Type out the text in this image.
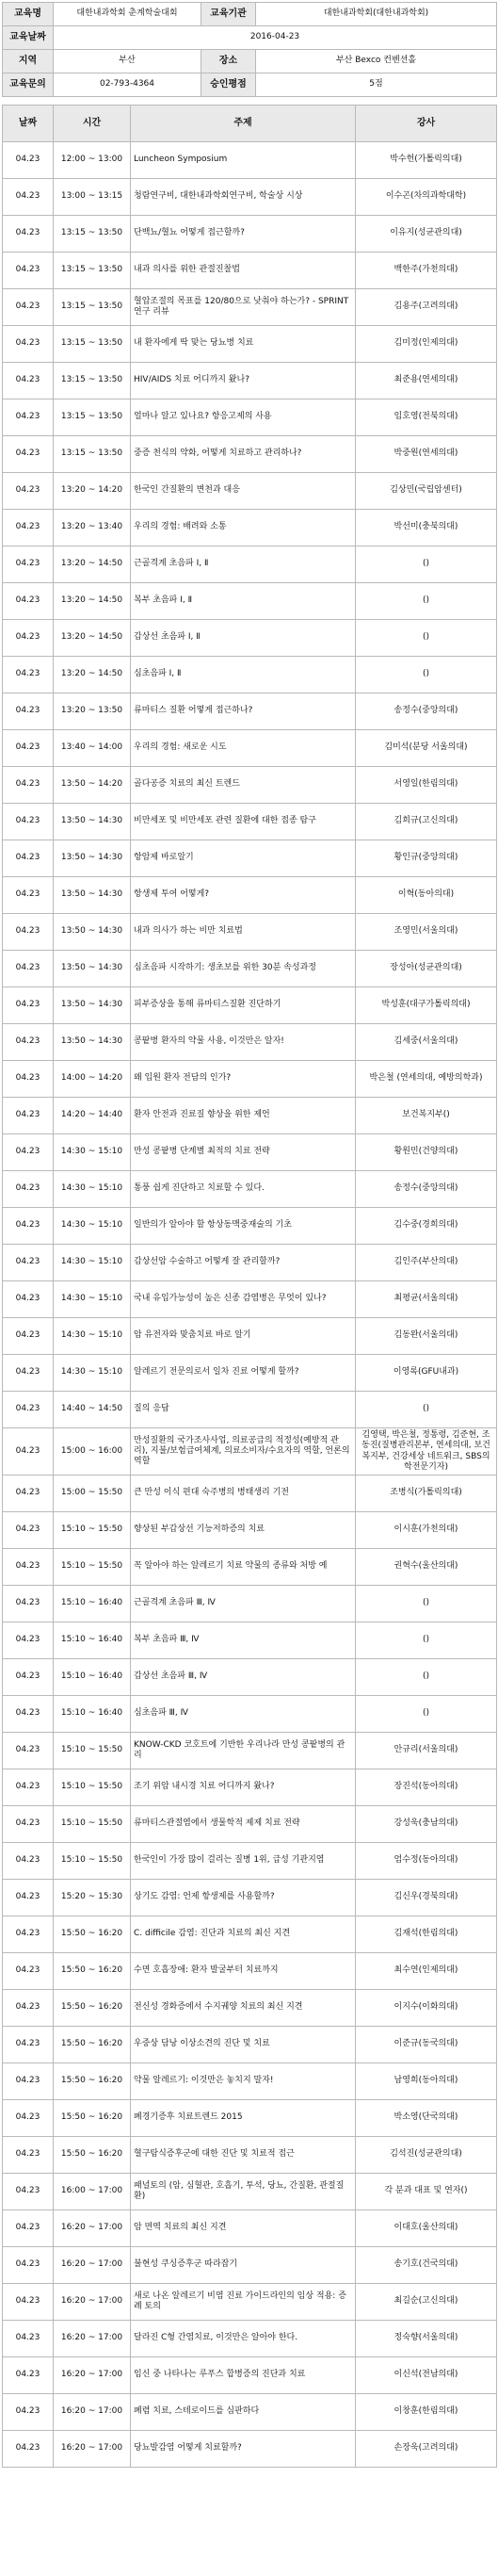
교육명	대한내과학회 춘계학술대회	교육기관	대한내과학회(대한내과학회)
교육날짜	2016-04-23		
지역	부산	장소	부산 Bexco 컨벤션홀
교육문의	02-793-4364	승인평점	5점
날짜	시간	주제	강사
04.23	12:00 ~ 13:00	Luncheon Symposium	박수헌(가톨릭의대)
04.23	13:00 ~ 13:15	청람연구비, 대한내과학회연구비, 학술상 시상	이수곤(차의과학대학)
04.23	13:15 ~ 13:50	단백뇨/혈뇨 어떻게 접근할까?	이유지(성균관의대)
04.23	13:15 ~ 13:50	내과 의사를 위한 관절진찰법	백한주(가천의대)
04.23	13:15 ~ 13:50	혈압조절의 목표를 120/80으로 낮춰야 하는가? - SPRINT 연구 리뷰	김용주(고려의대)
04.23	13:15 ~ 13:50	내 환자에게 딱 맞는 당뇨병 치료	김미정(인제의대)
04.23	13:15 ~ 13:50	HIV/AIDS 치료 어디까지 왔나?	최준용(연세의대)
04.23	13:15 ~ 13:50	얼마나 알고 있나요? 항응고제의 사용	임호영(전북의대)
04.23	13:15 ~ 13:50	중증 천식의 약화, 어떻게 치료하고 관리하나?	박중원(연세의대)
04.23	13:20 ~ 14:20	한국인 간질환의 변천과 대응	김상민(국립암센터)
04.23	13:20 ~ 13:40	우리의 경험: 배려와 소통	박선미(충북의대)
04.23	13:20 ~ 14:50	근골격계 초음파 Ⅰ, Ⅱ	()
04.23	13:20 ~ 14:50	복부 초음파 Ⅰ, Ⅱ	()
04.23	13:20 ~ 14:50	갑상선 초음파 Ⅰ, Ⅱ	()
04.23	13:20 ~ 14:50	심초음파 Ⅰ, Ⅱ	()
04.23	13:20 ~ 13:50	류마티스 질환 어떻게 접근하나?	송정수(중앙의대)
04.23	13:40 ~ 14:00	우리의 경험: 새로운 시도	김미석(분당 서울의대)
04.23	13:50 ~ 14:20	골다공증 치료의 최신 트렌드	서영일(한림의대)
04.23	13:50 ~ 14:30	비만세포 및 비만세포 관련 질환에 대한 접종 탐구	김희규(고신의대)
04.23	13:50 ~ 14:30	항암제 바로알기	황인규(중앙의대)
04.23	13:50 ~ 14:30	항생제 투여 어떻게?	이혁(동아의대)
04.23	13:50 ~ 14:30	내과 의사가 하는 비만 치료법	조영민(서울의대)
04.23	13:50 ~ 14:30	심초음파 시작하기: 생초보를 위한 30분 속성과정	장성아(성균관의대)
04.23	13:50 ~ 14:30	피부증상을 통해 류마티스질환 진단하기	박성훈(대구가톨릭의대)
04.23	13:50 ~ 14:30	콩팥병 환자의 약물 사용, 이것만은 알자!	김세중(서울의대)
04.23	14:00 ~ 14:20	왜 입원 환자 전담의 인가?	박은철 (연세의대, 예방의학과)
04.23	14:20 ~ 14:40	환자 안전과 진료질 향상을 위한 제언	보건복지부()
04.23	14:30 ~ 15:10	만성 콩팥병 단계별 최적의 치료 전략	황원민(건양의대)
04.23	14:30 ~ 15:10	통풍 쉽게 진단하고 치료할 수 있다.	송정수(중앙의대)
04.23	14:30 ~ 15:10	일반의가 알아야 할 항상동맥중재술의 기초	김수중(경희의대)
04.23	14:30 ~ 15:10	갑상선암 수술하고 어떻게 잘 관리할까?	김인주(부산의대)
04.23	14:30 ~ 15:10	국내 유입가능성이 높은 신종 감염병은 무엇이 있나?	최평균(서울의대)
04.23	14:30 ~ 15:10	암 유전자와 맞춤치료 바로 알기	김동완(서울의대)
04.23	14:30 ~ 15:10	알레르기 전문의로서 일차 진료 어떻게 할까?	이영록(GFU내과)
04.23	14:40 ~ 14:50	질의 응답	()
04.23	15:00 ~ 16:00	만성질환의 국가조사사업, 의료공급의 적정성(예방적 관리), 지불/보험급여체계, 의료소비자/수요자의 역할, 언론의 역할	김영택, 박은철, 정통령, 김준현, 조동진(질병관리본부, 연세의대, 보건복지부, 건강세상 네트워크, SBS의학전문기자)
04.23	15:00 ~ 15:50	큰 만성 이식 편대 숙주병의 병태생리 기전	조병식(가톨릭의대)
04.23	15:10 ~ 15:50	향상된 부갑상선 기능저하증의 치료	이시훈(가천의대)
04.23	15:10 ~ 15:50	꼭 알아야 하는 알레르기 치료 약물의 종류와 처방 예	권혁수(울산의대)
04.23	15:10 ~ 16:40	근골격계 초음파 Ⅲ, Ⅳ	()
04.23	15:10 ~ 16:40	복부 초음파 Ⅲ, Ⅳ	()
04.23	15:10 ~ 16:40	갑상선 초음파 Ⅲ, Ⅳ	()
04.23	15:10 ~ 16:40	심초음파 Ⅲ, Ⅳ	()
04.23	15:10 ~ 15:50	KNOW-CKD 코호트에 기반한 우리나라 만성 콩팥병의 관리	안규리(서울의대)
04.23	15:10 ~ 15:50	조기 위암 내시경 치료 어디까지 왔나?	장진석(동아의대)
04.23	15:10 ~ 15:50	류마티스관절염에서 생물학적 제제 치료 전략	강성욱(충남의대)
04.23	15:10 ~ 15:50	한국인이 가장 많이 걸리는 질병 1위, 급성 기관지염	엄수정(동아의대)
04.23	15:20 ~ 15:30	상기도 감염: 언제 항생제를 사용할까?	김신우(경북의대)
04.23	15:50 ~ 16:20	C. difficile 감염: 진단과 치료의 최신 지견	김재석(한림의대)
04.23	15:50 ~ 16:20	수면 호흡장애: 환자 발굴부터 치료까지	최수연(인제의대)
04.23	15:50 ~ 16:20	전신성 경화증에서 수지궤양 치료의 최신 지견	이지수(이화의대)
04.23	15:50 ~ 16:20	우중상 담낭 이상소견의 진단 및 치료	이준규(동국의대)
04.23	15:50 ~ 16:20	약물 알레르기: 이것만은 놓치지 말자!	남영희(동아의대)
04.23	15:50 ~ 16:20	폐경기증후 치료트렌드 2015	박소영(단국의대)
04.23	15:50 ~ 16:20	혈구탐식증후군에 대한 진단 및 치료적 접근	김석진(성균관의대)
04.23	16:00 ~ 17:00	패널토의 (암, 심혈관, 호흡기, 투석, 당뇨, 간질환, 관절질환)	각 분과 대표 및 연자()
04.23	16:20 ~ 17:00	암 면역 치료의 최신 지견	이대호(울산의대)
04.23	16:20 ~ 17:00	불현성 쿠싱증후군 따라잡기	송기호(건국의대)
04.23	16:20 ~ 17:00	새로 나온 알레르기 비염 진료 가이드라인의 임상 적용: 증례 토의	최길순(고신의대)
04.23	16:20 ~ 17:00	달라진 C형 간염치료, 이것만은 알아야 한다.	정숙향(서울의대)
04.23	16:20 ~ 17:00	임신 중 나타나는 루푸스 합병증의 진단과 치료	이신석(전남의대)
04.23	16:20 ~ 17:00	폐렴 치료, 스테로이드를 심판하다	이창훈(한림의대)
04.23	16:20 ~ 17:00	당뇨발감염 어떻게 치료할까?	손장욱(고려의대)
